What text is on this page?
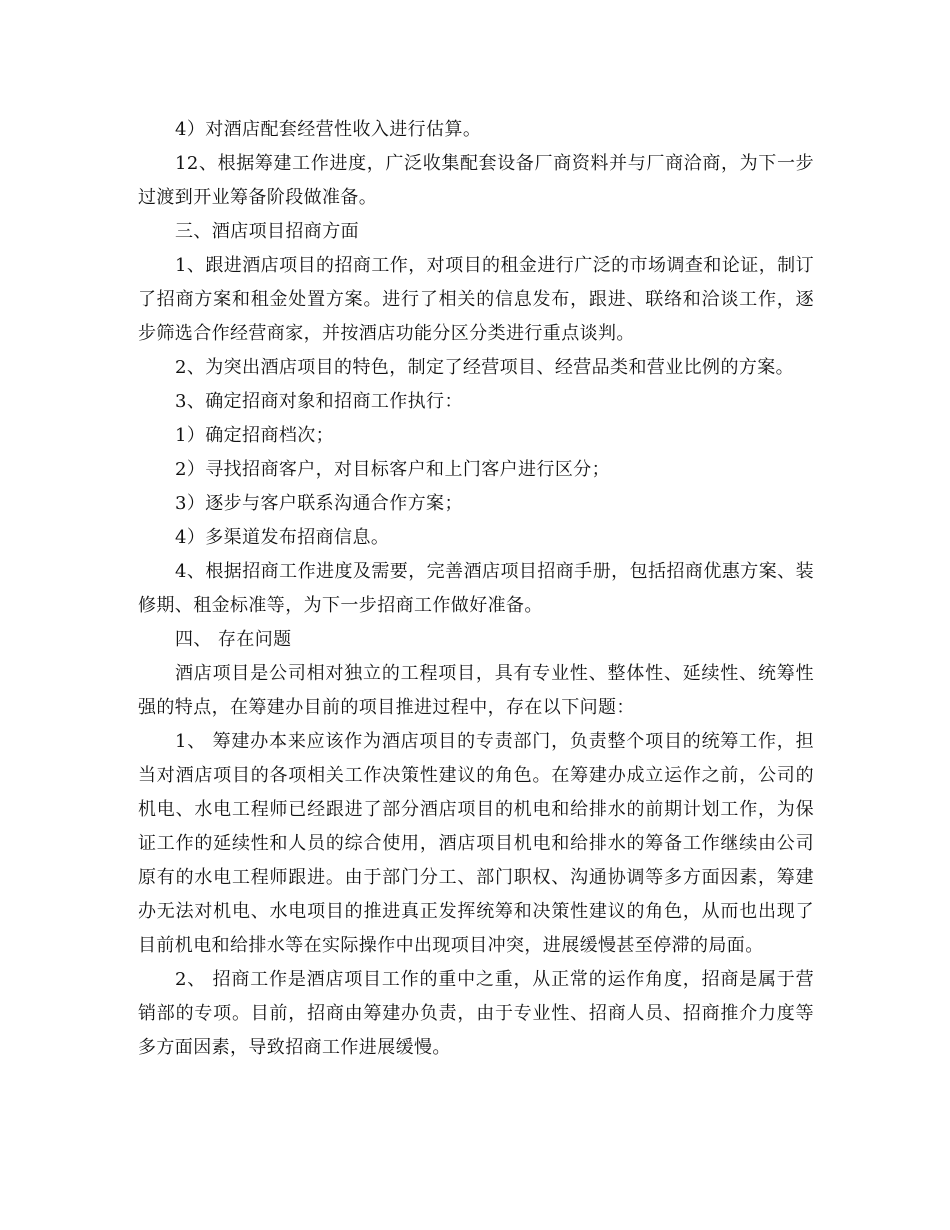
4）对酒店配套经营性收入进行估算。

12、根据筹建工作进度，广泛收集配套设备厂商资料并与厂商洽商，为下一步过渡到开业筹备阶段做准备。

三、酒店项目招商方面

1、跟进酒店项目的招商工作，对项目的租金进行广泛的市场调查和论证，制订了招商方案和租金处置方案。进行了相关的信息发布，跟进、联络和洽谈工作，逐步筛选合作经营商家，并按酒店功能分区分类进行重点谈判。

2、为突出酒店项目的特色，制定了经营项目、经营品类和营业比例的方案。

3、确定招商对象和招商工作执行：

1）确定招商档次；

2）寻找招商客户，对目标客户和上门客户进行区分；

3）逐步与客户联系沟通合作方案；

4）多渠道发布招商信息。

4、根据招商工作进度及需要，完善酒店项目招商手册，包括招商优惠方案、装修期、租金标准等，为下一步招商工作做好准备。

四、 存在问题

酒店项目是公司相对独立的工程项目，具有专业性、整体性、延续性、统筹性强的特点，在筹建办目前的项目推进过程中，存在以下问题：

1、 筹建办本来应该作为酒店项目的专责部门，负责整个项目的统筹工作，担当对酒店项目的各项相关工作决策性建议的角色。在筹建办成立运作之前，公司的机电、水电工程师已经跟进了部分酒店项目的机电和给排水的前期计划工作，为保证工作的延续性和人员的综合使用，酒店项目机电和给排水的筹备工作继续由公司原有的水电工程师跟进。由于部门分工、部门职权、沟通协调等多方面因素，筹建办无法对机电、水电项目的推进真正发挥统筹和决策性建议的角色，从而也出现了目前机电和给排水等在实际操作中出现项目冲突，进展缓慢甚至停滞的局面。

2、 招商工作是酒店项目工作的重中之重，从正常的运作角度，招商是属于营销部的专项。目前，招商由筹建办负责，由于专业性、招商人员、招商推介力度等多方面因素，导致招商工作进展缓慢。
